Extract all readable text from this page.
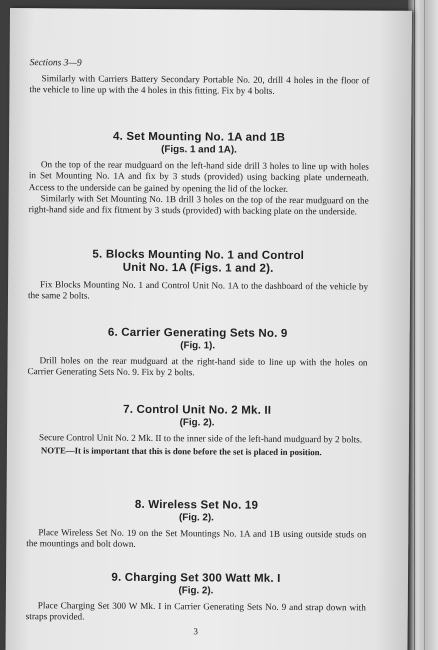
Sections 3—9

Similarly with Carriers Battery Secondary Portable No. 20, drill 4 holes in the floor of the vehicle to line up with the 4 holes in this fitting. Fix by 4 bolts.

4. Set Mounting No. 1A and 1B
(Figs. 1 and 1A).

On the top of the rear mudguard on the left-hand side drill 3 holes to line up with holes in Set Mounting No. 1A and fix by 3 studs (provided) using backing plate underneath. Access to the underside can be gained by opening the lid of the locker.

Similarly with Set Mounting No. 1B drill 3 holes on the top of the rear mudguard on the right-hand side and fix fitment by 3 studs (provided) with backing plate on the underside.

5. Blocks Mounting No. 1 and Control
Unit No. 1A (Figs. 1 and 2).

Fix Blocks Mounting No. 1 and Control Unit No. 1A to the dashboard of the vehicle by the same 2 bolts.

6. Carrier Generating Sets No. 9
(Fig. 1).

Drill holes on the rear mudguard at the right-hand side to line up with the holes on Carrier Generating Sets No. 9. Fix by 2 bolts.

7. Control Unit No. 2 Mk. II
(Fig. 2).

Secure Control Unit No. 2 Mk. II to the inner side of the left-hand mudguard by 2 bolts.

NOTE—It is important that this is done before the set is placed in position.

8. Wireless Set No. 19
(Fig. 2).

Place Wireless Set No. 19 on the Set Mountings No. 1A and 1B using outside studs on the mountings and bolt down.

9. Charging Set 300 Watt Mk. I
(Fig. 2).

Place Charging Set 300 W Mk. I in Carrier Generating Sets No. 9 and strap down with straps provided.

3
